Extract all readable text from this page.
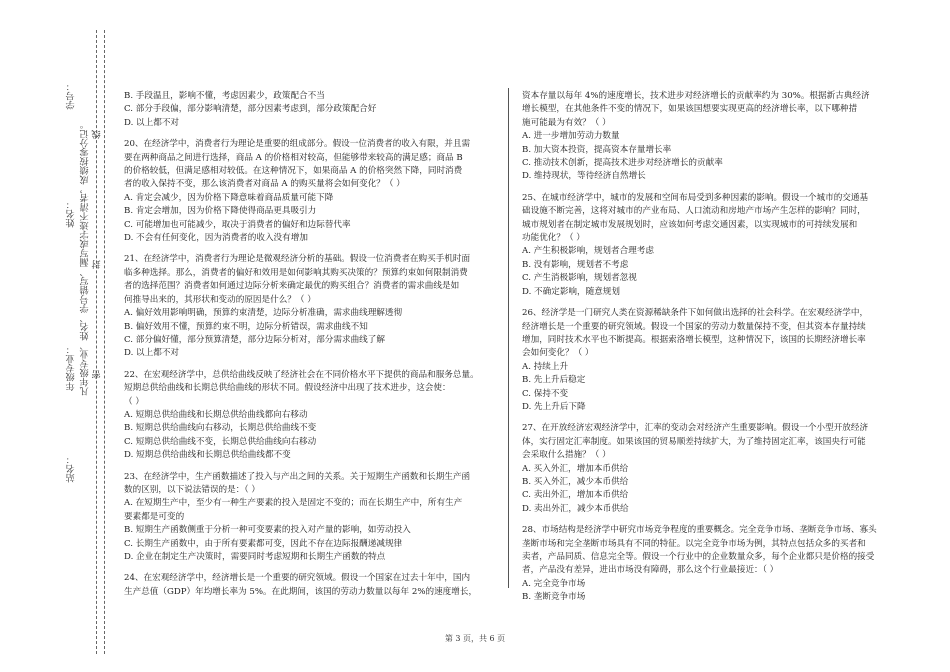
学号：
姓名：
年级专业：
站名：
凡年级专业、姓名、学号错写、漏写或字迹不清者，成绩按零分记。 线
封
密

B. 手段温且，影响不懂，考虑因素少，政策配合不当

C. 部分手段偏，部分影响清楚，部分因素考虑到，部分政策配合好

D. 以上都不对

20、在经济学中，消费者行为理论是重要的组成部分。假设一位消费者的收入有限，并且需

要在两种商品之间进行选择，商品 A 的价格相对较高，但能够带来较高的满足感；商品 B

的价格较低，但满足感相对较低。在这种情况下，如果商品 A 的价格突然下降，同时消费

者的收入保持不变，那么该消费者对商品 A 的购买量将会如何变化？（ ）

A. 肯定会减少，因为价格下降意味着商品质量可能下降

B. 肯定会增加，因为价格下降使得商品更具吸引力

C. 可能增加也可能减少，取决于消费者的偏好和边际替代率

D. 不会有任何变化，因为消费者的收入没有增加

21、在经济学中，消费者行为理论是微观经济分析的基础。假设一位消费者在购买手机时面

临多种选择。那么，消费者的偏好和效用是如何影响其购买决策的？预算约束如何限制消费

者的选择范围？消费者如何通过边际分析来确定最优的购买组合？消费者的需求曲线是如

何推导出来的，其形状和变动的原因是什么？（ ）

A. 偏好效用影响明确，预算约束清楚，边际分析准确，需求曲线理解透彻

B. 偏好效用不懂，预算约束不明，边际分析错误，需求曲线不知

C. 部分偏好懂，部分预算清楚，部分边际分析对，部分需求曲线了解

D. 以上都不对

22、在宏观经济学中，总供给曲线反映了经济社会在不同价格水平下提供的商品和服务总量。

短期总供给曲线和长期总供给曲线的形状不同。假设经济中出现了技术进步，这会使：

（ ）

A. 短期总供给曲线和长期总供给曲线都向右移动

B. 短期总供给曲线向右移动，长期总供给曲线不变

C. 短期总供给曲线不变，长期总供给曲线向右移动

D. 短期总供给曲线和长期总供给曲线都不变

23、在经济学中，生产函数描述了投入与产出之间的关系。关于短期生产函数和长期生产函

数的区别，以下说法错误的是：（ ）

A. 在短期生产中，至少有一种生产要素的投入是固定不变的；而在长期生产中，所有生产

要素都是可变的

B. 短期生产函数侧重于分析一种可变要素的投入对产量的影响，如劳动投入

C. 长期生产函数中，由于所有要素都可变，因此不存在边际报酬递减规律

D. 企业在制定生产决策时，需要同时考虑短期和长期生产函数的特点

24、在宏观经济学中，经济增长是一个重要的研究领域。假设一个国家在过去十年中，国内

生产总值（GDP）年均增长率为 5%。在此期间，该国的劳动力数量以每年 2%的速度增长，

资本存量以每年 4%的速度增长，技术进步对经济增长的贡献率约为 30%。根据新古典经济

增长模型，在其他条件不变的情况下，如果该国想要实现更高的经济增长率，以下哪种措

施可能最为有效？（ ）

A. 进一步增加劳动力数量

B. 加大资本投资，提高资本存量增长率

C. 推动技术创新，提高技术进步对经济增长的贡献率

D. 维持现状，等待经济自然增长

25、在城市经济学中，城市的发展和空间布局受到多种因素的影响。假设一个城市的交通基

础设施不断完善，这将对城市的产业布局、人口流动和房地产市场产生怎样的影响？同时，

城市规划者在制定城市发展规划时，应该如何考虑交通因素，以实现城市的可持续发展和

功能优化？（ ）

A. 产生积极影响，规划者合理考虑

B. 没有影响，规划者不考虑

C. 产生消极影响，规划者忽视

D. 不确定影响，随意规划

26、经济学是一门研究人类在资源稀缺条件下如何做出选择的社会科学。在宏观经济学中，

经济增长是一个重要的研究领域。假设一个国家的劳动力数量保持不变，但其资本存量持续

增加，同时技术水平也不断提高。根据索洛增长模型，这种情况下，该国的长期经济增长率

会如何变化？（ ）

A. 持续上升

B. 先上升后稳定

C. 保持不变

D. 先上升后下降

27、在开放经济宏观经济学中，汇率的变动会对经济产生重要影响。假设一个小型开放经济

体，实行固定汇率制度。如果该国的贸易顺差持续扩大，为了维持固定汇率，该国央行可能

会采取什么措施？（ ）

A. 买入外汇，增加本币供给

B. 买入外汇，减少本币供给

C. 卖出外汇，增加本币供给

D. 卖出外汇，减少本币供给

28、市场结构是经济学中研究市场竞争程度的重要概念。完全竞争市场、垄断竞争市场、寡头

垄断市场和完全垄断市场具有不同的特征。以完全竞争市场为例，其特点包括众多的买者和

卖者，产品同质、信息完全等。假设一个行业中的企业数量众多，每个企业都只是价格的接受

者，产品没有差异，进出市场没有障碍，那么这个行业最接近：（ ）

A. 完全竞争市场

B. 垄断竞争市场

第 3 页，共 6 页
